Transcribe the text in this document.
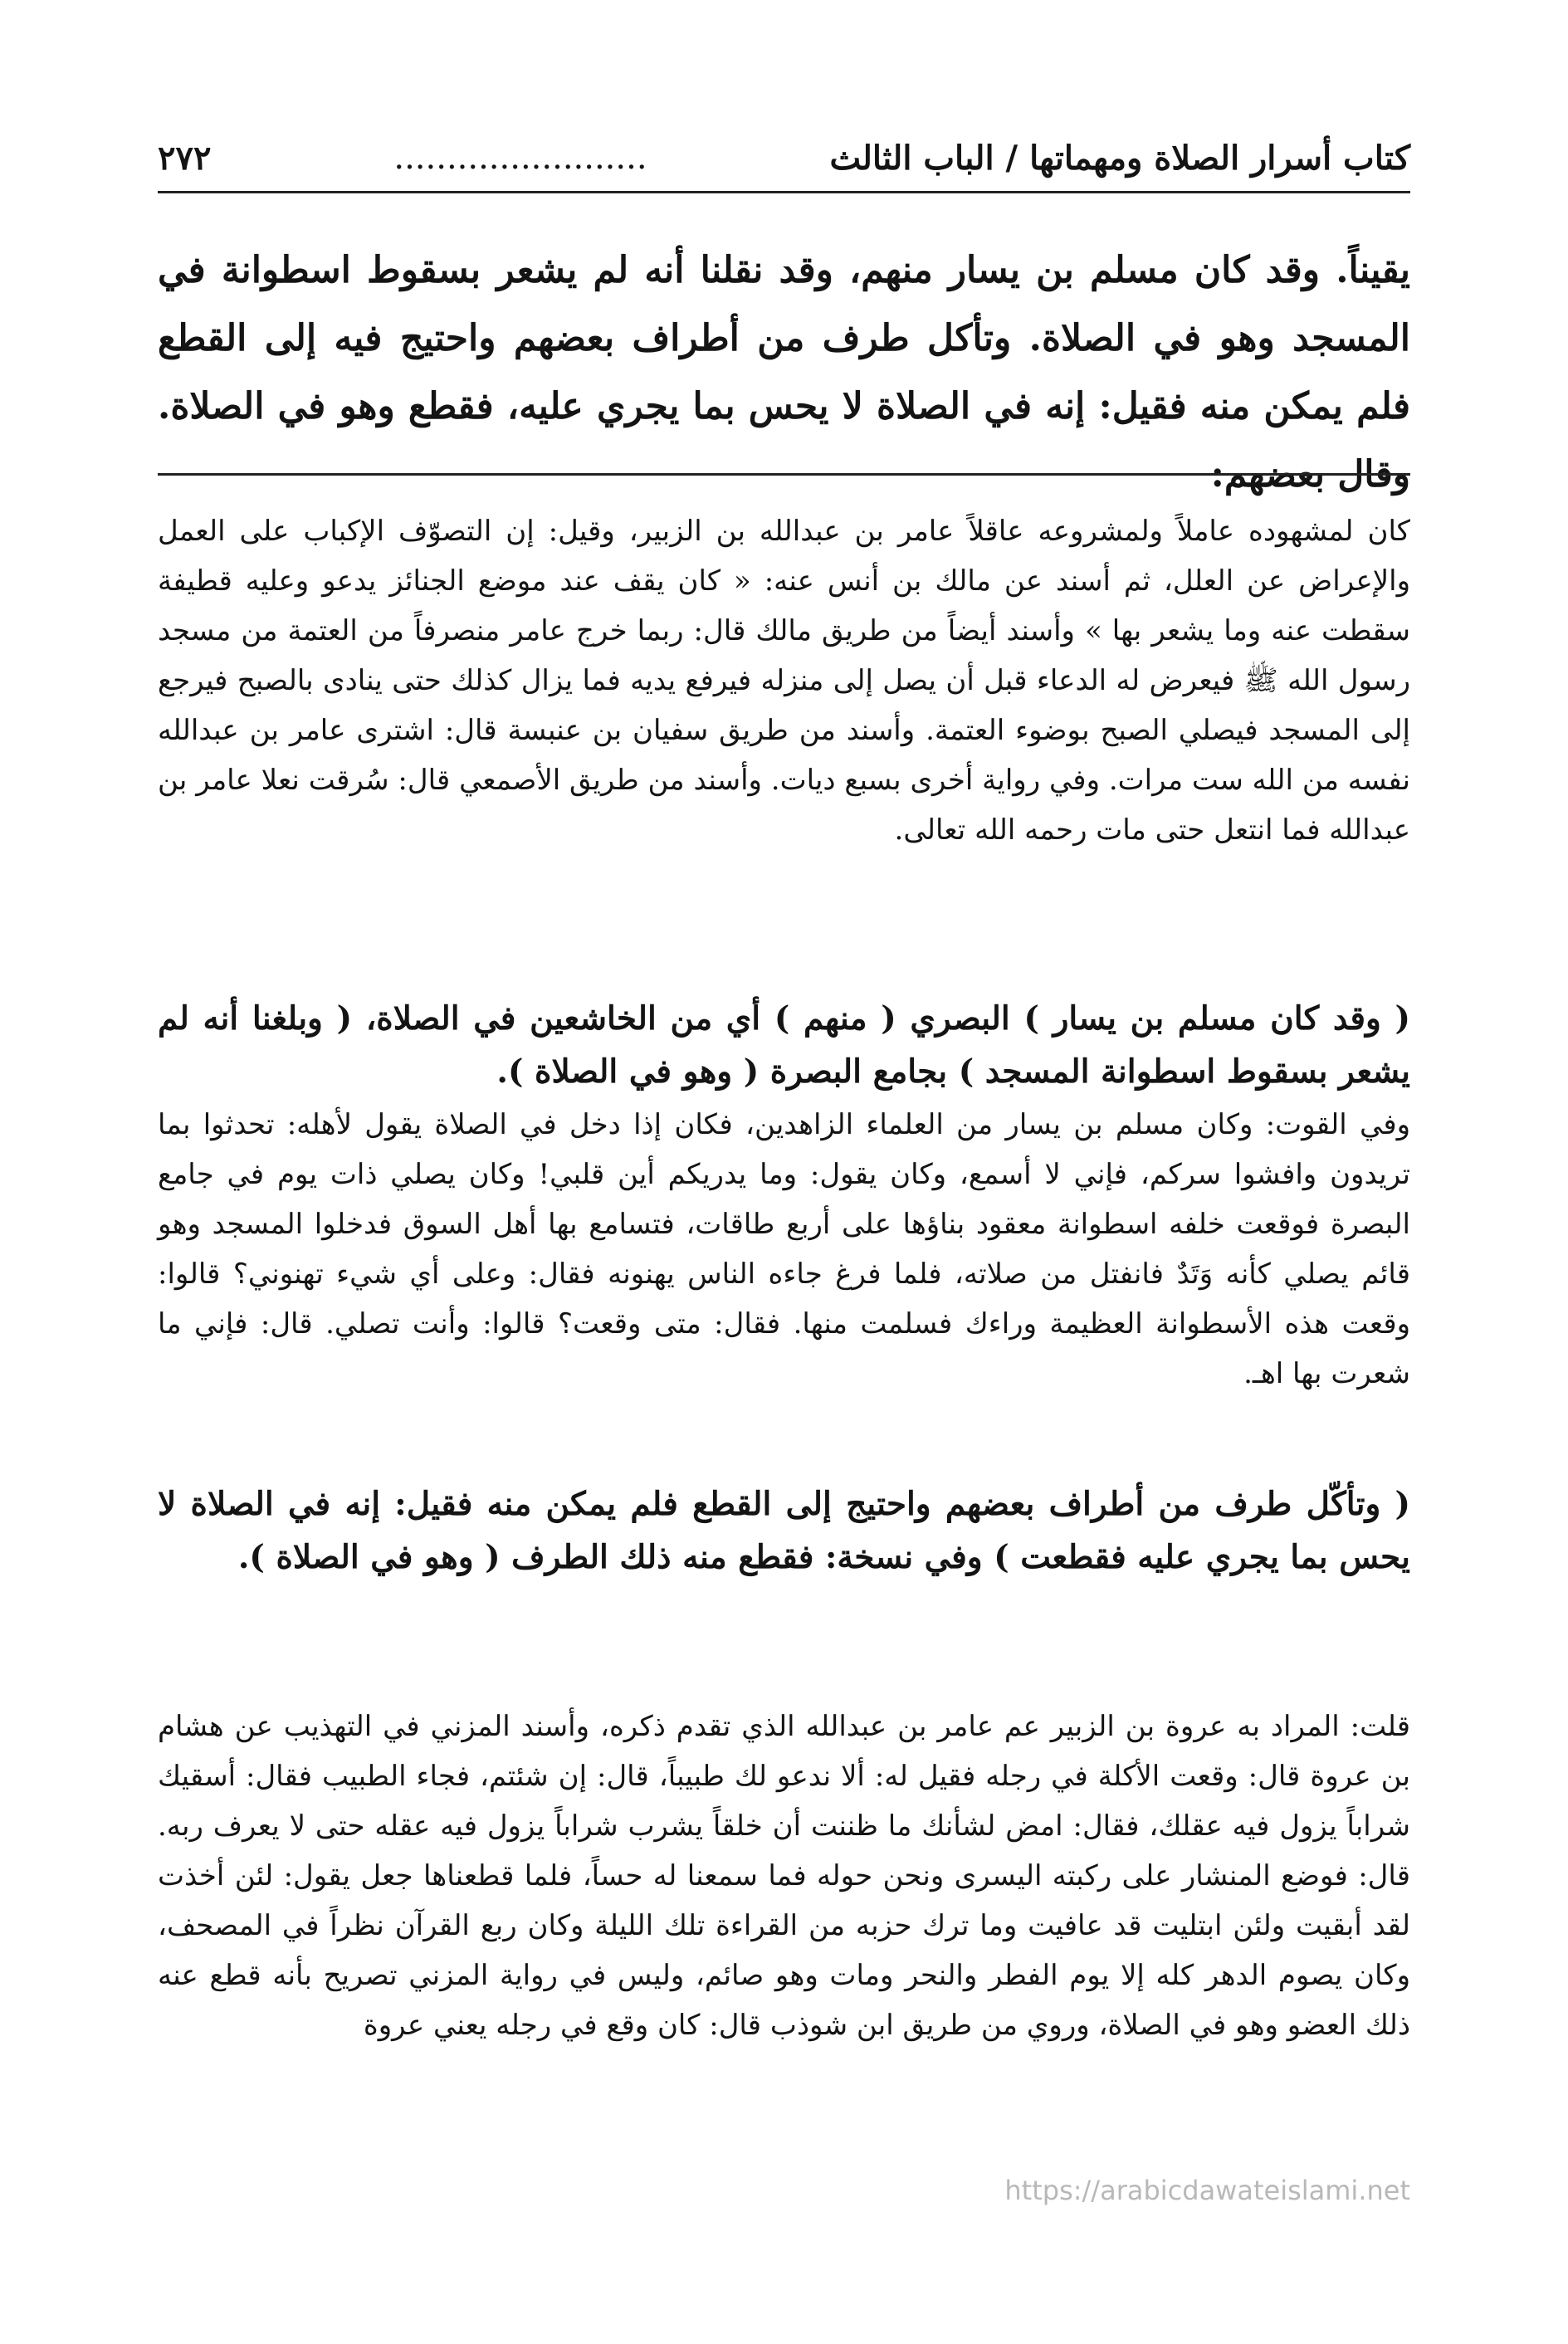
كتاب أسرار الصلاة ومهماتها / الباب الثالث
........................
٢٧٢

يقيناً. وقد كان مسلم بن يسار منهم، وقد نقلنا أنه لم يشعر بسقوط اسطوانة في المسجد وهو في الصلاة. وتأكل طرف من أطراف بعضهم واحتيج فيه إلى القطع فلم يمكن منه فقيل: إنه في الصلاة لا يحس بما يجري عليه، فقطع وهو في الصلاة. وقال بعضهم:

كان لمشهوده عاملاً ولمشروعه عاقلاً عامر بن عبدالله بن الزبير، وقيل: إن التصوّف الإكباب على العمل والإعراض عن العلل، ثم أسند عن مالك بن أنس عنه: « كان يقف عند موضع الجنائز يدعو وعليه قطيفة سقطت عنه وما يشعر بها » وأسند أيضاً من طريق مالك قال: ربما خرج عامر منصرفاً من العتمة من مسجد رسول الله ﷺ فيعرض له الدعاء قبل أن يصل إلى منزله فيرفع يديه فما يزال كذلك حتى ينادى بالصبح فيرجع إلى المسجد فيصلي الصبح بوضوء العتمة. وأسند من طريق سفيان بن عنبسة قال: اشترى عامر بن عبدالله نفسه من الله ست مرات. وفي رواية أخرى بسبع ديات. وأسند من طريق الأصمعي قال: سُرقت نعلا عامر بن عبدالله فما انتعل حتى مات رحمه الله تعالى.

( وقد كان مسلم بن يسار ) البصري ( منهم ) أي من الخاشعين في الصلاة، ( وبلغنا أنه لم يشعر بسقوط اسطوانة المسجد ) بجامع البصرة ( وهو في الصلاة ).

وفي القوت: وكان مسلم بن يسار من العلماء الزاهدين، فكان إذا دخل في الصلاة يقول لأهله: تحدثوا بما تريدون وافشوا سركم، فإني لا أسمع، وكان يقول: وما يدريكم أين قلبي! وكان يصلي ذات يوم في جامع البصرة فوقعت خلفه اسطوانة معقود بناؤها على أربع طاقات، فتسامع بها أهل السوق فدخلوا المسجد وهو قائم يصلي كأنه وَتَدٌ فانفتل من صلاته، فلما فرغ جاءه الناس يهنونه فقال: وعلى أي شيء تهنوني؟ قالوا: وقعت هذه الأسطوانة العظيمة وراءك فسلمت منها. فقال: متى وقعت؟ قالوا: وأنت تصلي. قال: فإني ما شعرت بها اهـ.

( وتأكّل طرف من أطراف بعضهم واحتيج إلى القطع فلم يمكن منه فقيل: إنه في الصلاة لا يحس بما يجري عليه فقطعت ) وفي نسخة: فقطع منه ذلك الطرف ( وهو في الصلاة ).

قلت: المراد به عروة بن الزبير عم عامر بن عبدالله الذي تقدم ذكره، وأسند المزني في التهذيب عن هشام بن عروة قال: وقعت الأكلة في رجله فقيل له: ألا ندعو لك طبيباً، قال: إن شئتم، فجاء الطبيب فقال: أسقيك شراباً يزول فيه عقلك، فقال: امض لشأنك ما ظننت أن خلقاً يشرب شراباً يزول فيه عقله حتى لا يعرف ربه. قال: فوضع المنشار على ركبته اليسرى ونحن حوله فما سمعنا له حساً، فلما قطعناها جعل يقول: لئن أخذت لقد أبقيت ولئن ابتليت قد عافيت وما ترك حزبه من القراءة تلك الليلة وكان ربع القرآن نظراً في المصحف، وكان يصوم الدهر كله إلا يوم الفطر والنحر ومات وهو صائم، وليس في رواية المزني تصريح بأنه قطع عنه ذلك العضو وهو في الصلاة، وروي من طريق ابن شوذب قال: كان وقع في رجله يعني عروة

https://arabicdawateislami.net
